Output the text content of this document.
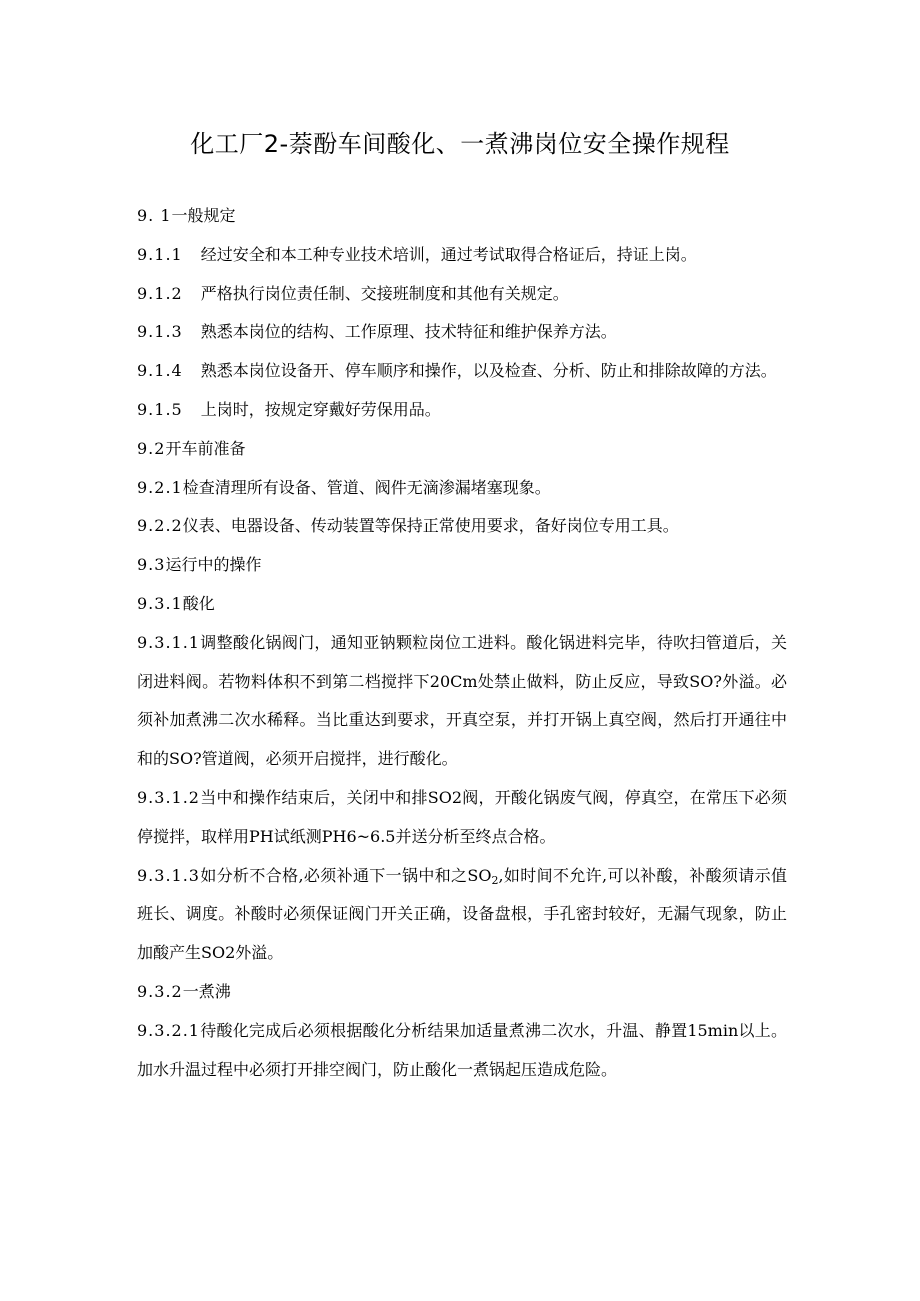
化工厂2-萘酚车间酸化、一煮沸岗位安全操作规程

9. 1一般规定

9.1.1 经过安全和本工种专业技术培训，通过考试取得合格证后，持证上岗。

9.1.2 严格执行岗位责任制、交接班制度和其他有关规定。

9.1.3 熟悉本岗位的结构、工作原理、技术特征和维护保养方法。

9.1.4 熟悉本岗位设备开、停车顺序和操作，以及检查、分析、防止和排除故障的方法。

9.1.5 上岗时，按规定穿戴好劳保用品。

9.2开车前准备

9.2.1检查清理所有设备、管道、阀件无滴渗漏堵塞现象。

9.2.2仪表、电器设备、传动装置等保持正常使用要求，备好岗位专用工具。

9.3运行中的操作

9.3.1酸化

9.3.1.1调整酸化锅阀门，通知亚钠颗粒岗位工进料。酸化锅进料完毕，待吹扫管道后，关闭进料阀。若物料体积不到第二档搅拌下20Cm处禁止做料，防止反应，导致SO?外溢。必须补加煮沸二次水稀释。当比重达到要求，开真空泵，并打开锅上真空阀，然后打开通往中和的SO?管道阀，必须开启搅拌，进行酸化。

9.3.1.2当中和操作结束后，关闭中和排SO2阀，开酸化锅废气阀，停真空，在常压下必须停搅拌，取样用PH试纸测PH6~6.5并送分析至终点合格。

9.3.1.3如分析不合格,必须补通下一锅中和之$SO_2$,如时间不允许,可以补酸，补酸须请示值班长、调度。补酸时必须保证阀门开关正确，设备盘根，手孔密封较好，无漏气现象，防止加酸产生SO2外溢。

9.3.2一煮沸

9.3.2.1待酸化完成后必须根据酸化分析结果加适量煮沸二次水，升温、静置15min以上。加水升温过程中必须打开排空阀门，防止酸化一煮锅起压造成危险。
